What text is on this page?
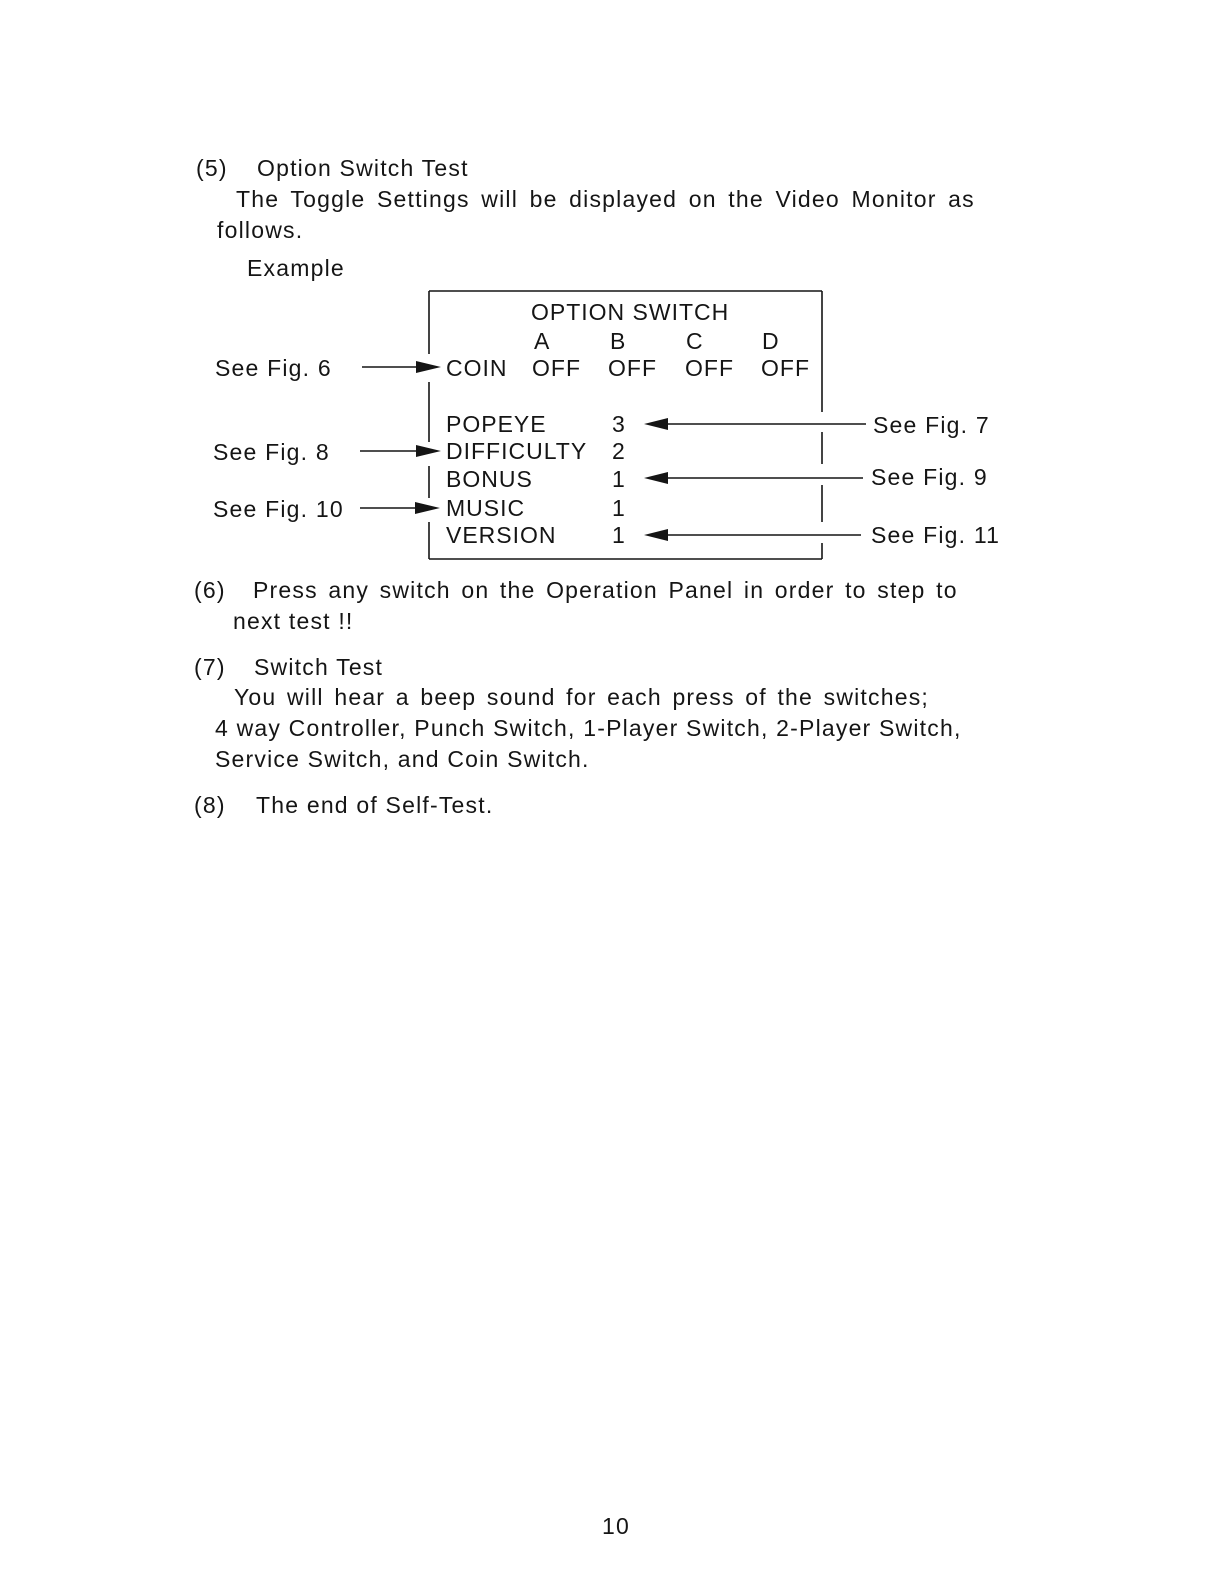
(5) Option Switch Test
The Toggle Settings will be displayed on the Video Monitor as
follows.
Example
OPTION SWITCH
A	B	C	D
COIN OFF OFF OFF OFF
POPEYE	3
DIFFICULTY 2
BONUS	1
MUSIC	1
VERSION 1
See Fig. 6
See Fig. 7
See Fig. 8
See Fig. 9
See Fig. 10
See Fig. 11
(6) Press any switch on the Operation Panel in order to step to
next test !!
(7) Switch Test
You will hear a beep sound for each press of the switches;
4 way Controller, Punch Switch, 1-Player Switch, 2-Player Switch,
Service Switch, and Coin Switch.
(8) The end of Self-Test.
10
